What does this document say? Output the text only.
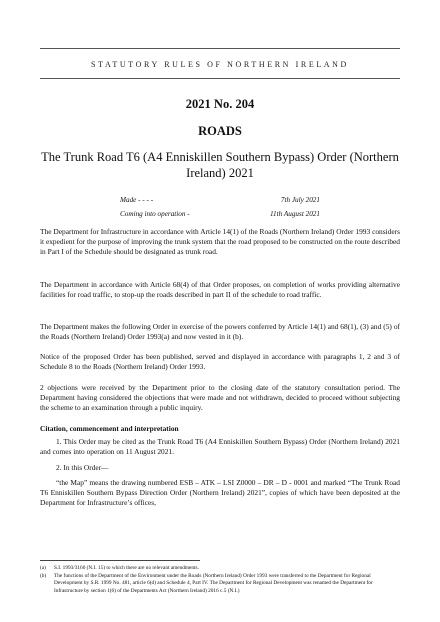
STATUTORY RULES OF NORTHERN IRELAND
2021 No. 204
ROADS
The Trunk Road T6 (A4 Enniskillen Southern Bypass) Order (Northern Ireland) 2021
Made - - - -	7th July 2021
Coming into operation -	11th August 2021
The Department for Infrastructure in accordance with Article 14(1) of the Roads (Northern Ireland) Order 1993 considers it expedient for the purpose of improving the trunk system that the road proposed to be constructed on the route described in Part I of the Schedule should be designated as trunk road.
The Department in accordance with Article 68(4) of that Order proposes, on completion of works providing alternative facilities for road traffic, to stop-up the roads described in part II of the schedule to road traffic.
The Department makes the following Order in exercise of the powers conferred by Article 14(1) and 68(1), (3) and (5) of the Roads (Northern Ireland) Order 1993(a) and now vested in it (b).
Notice of the proposed Order has been published, served and displayed in accordance with paragraphs 1, 2 and 3 of Schedule 8 to the Roads (Northern Ireland) Order 1993.
2 objections were received by the Department prior to the closing date of the statutory consultation period. The Department having considered the objections that were made and not withdrawn, decided to proceed without subjecting the scheme to an examination through a public inquiry.
Citation, commencement and interpretation
1. This Order may be cited as the Trunk Road T6 (A4 Enniskillen Southern Bypass) Order (Northern Ireland) 2021 and comes into operation on 11 August 2021.
2. In this Order—
“the Map” means the drawing numbered ESB – ATK – LSI Z0000 – DR – D - 0001 and marked “The Trunk Road T6 Enniskillen Southern Bypass Direction Order (Northern Ireland) 2021”, copies of which have been deposited at the Department for Infrastructure’s offices,
(a) S.I. 1993/3160 (N.I. 15) to which there are no relevant amendments.
(b) The functions of the Department of the Environment under the Roads (Northern Ireland) Order 1993 were transferred to the Department for Regional Development by S.R. 1999 No. 481, article 6(d) and Schedule 4, Part IV. The Department for Regional Development was renamed the Department for Infrastructure by section 1(6) of the Departments Act (Northern Ireland) 2016 c.5 (N.I.)
